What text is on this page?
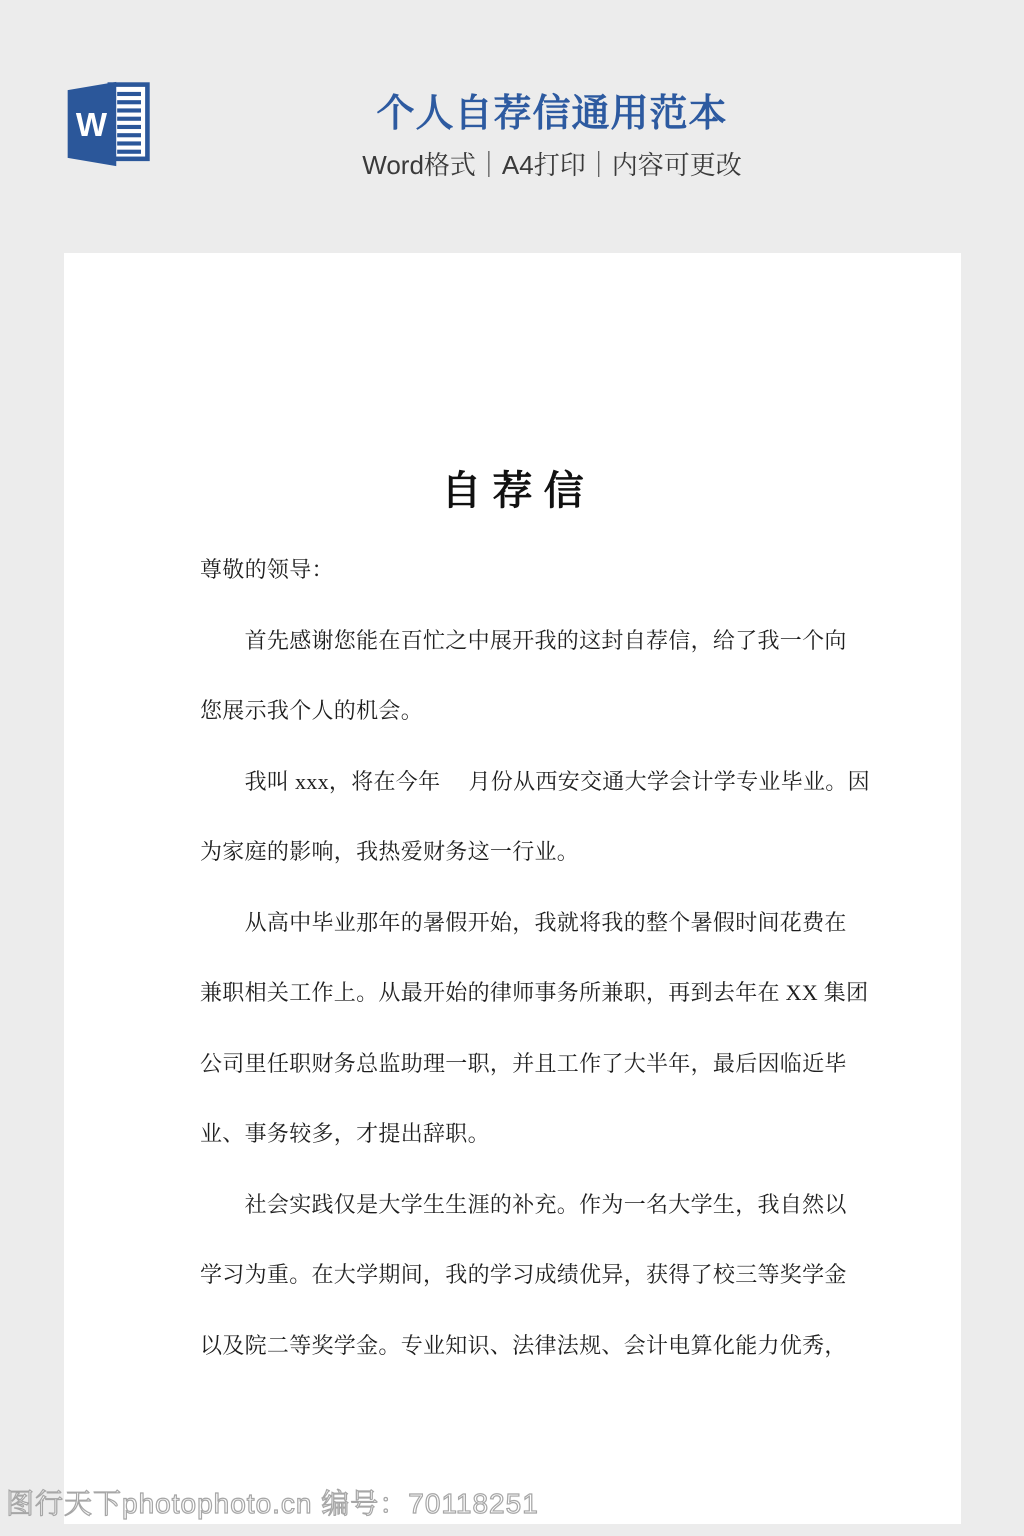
W	个人自荐信通用范本
Word格式｜A4打印｜内容可更改
自 荐 信
尊敬的领导：
　　首先感谢您能在百忙之中展开我的这封自荐信，给了我一个向
您展示我个人的机会。
　　我叫 xxx，将在今年　 月份从西安交通大学会计学专业毕业。因
为家庭的影响，我热爱财务这一行业。
　　从高中毕业那年的暑假开始，我就将我的整个暑假时间花费在
兼职相关工作上。从最开始的律师事务所兼职，再到去年在 XX 集团
公司里任职财务总监助理一职，并且工作了大半年，最后因临近毕
业、事务较多，才提出辞职。
　　社会实践仅是大学生生涯的补充。作为一名大学生，我自然以
学习为重。在大学期间，我的学习成绩优异，获得了校三等奖学金
以及院二等奖学金。专业知识、法律法规、会计电算化能力优秀，
图行天下photophoto.cn 编号：70118251
